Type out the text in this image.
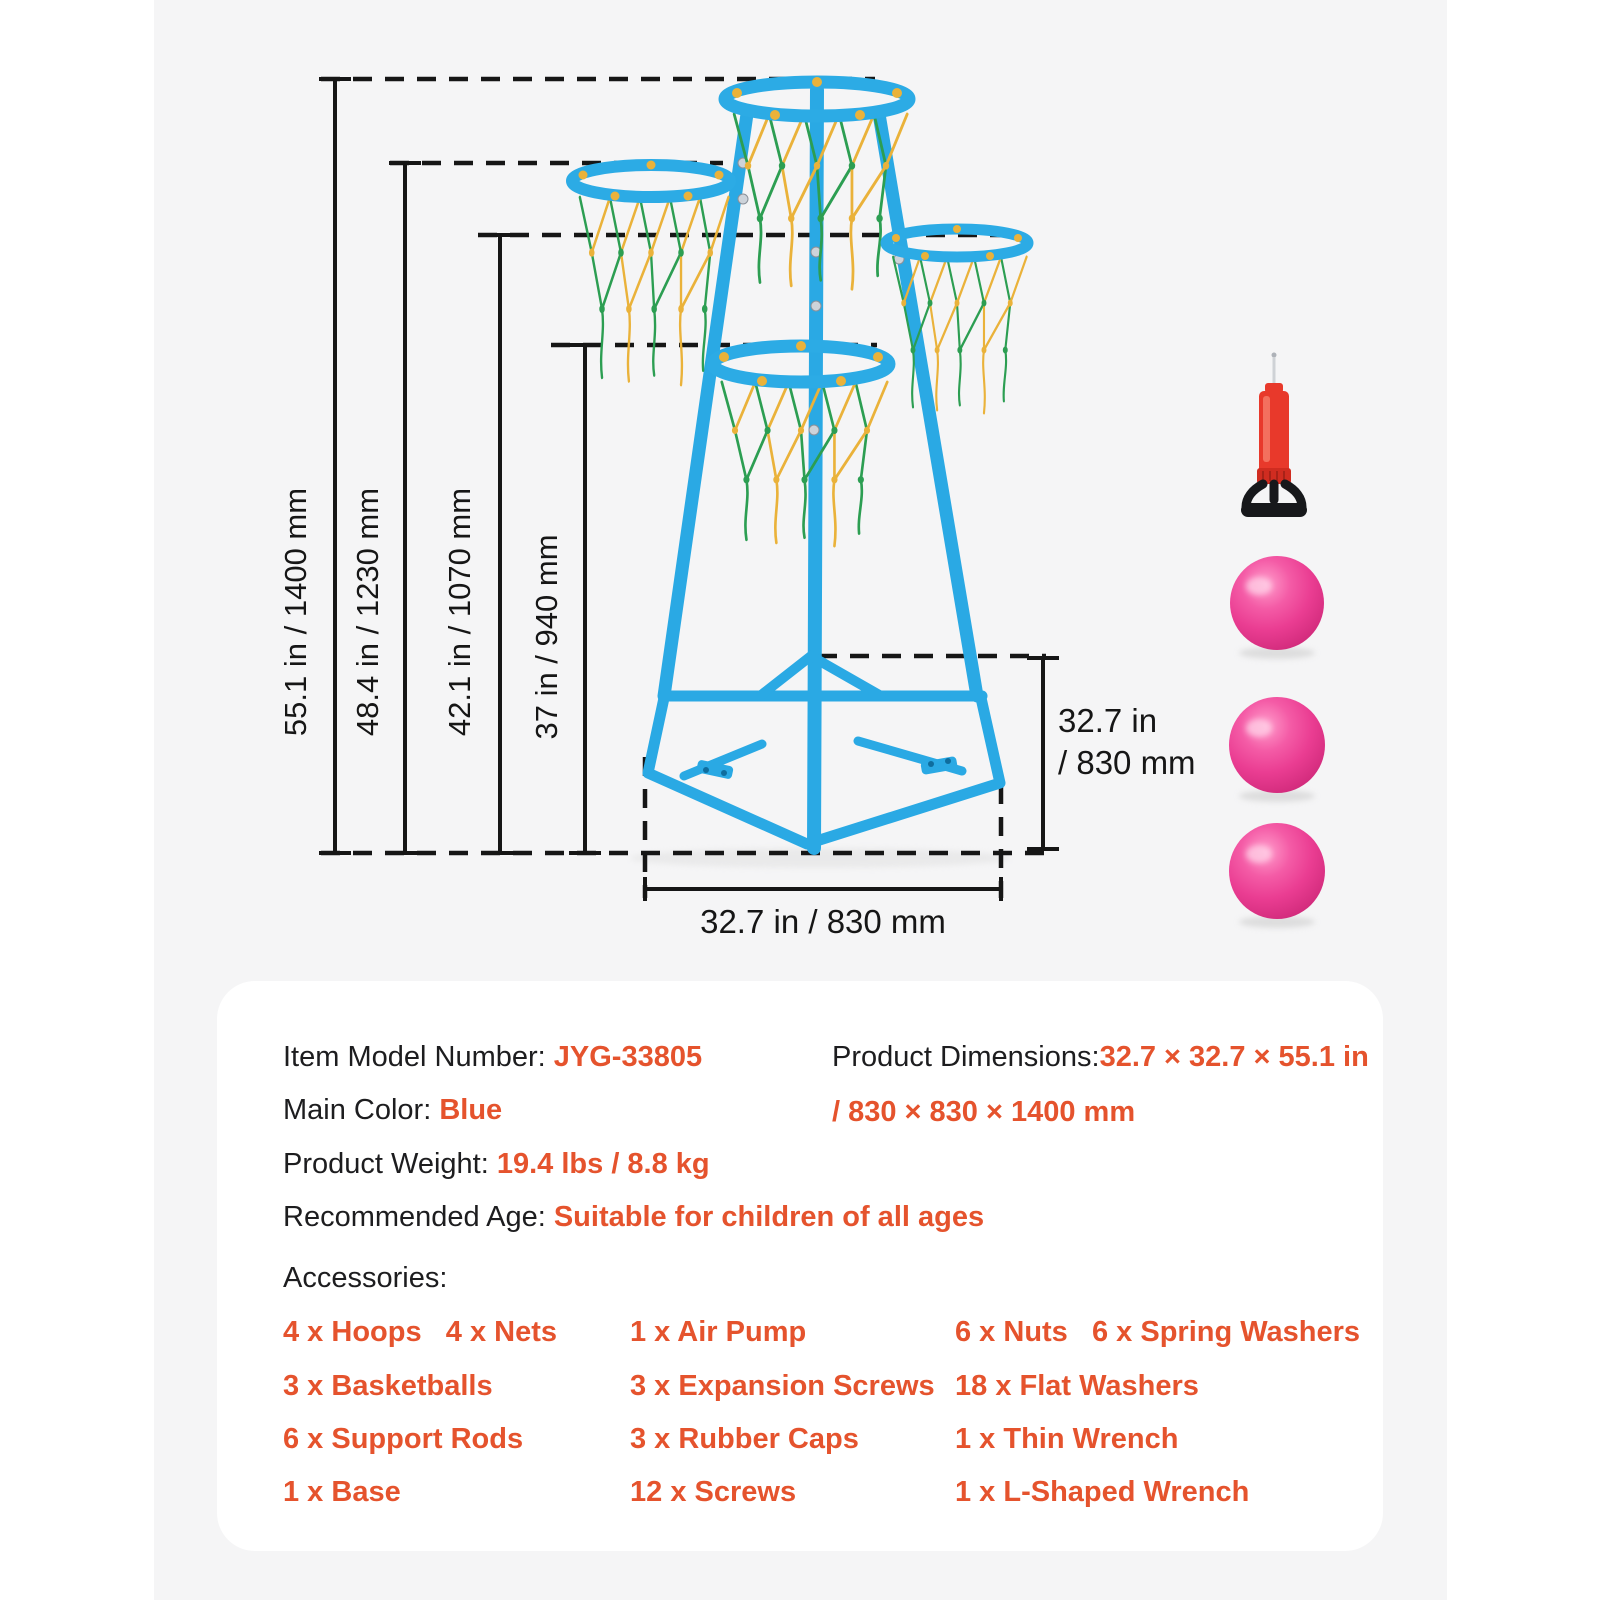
55.1 in / 1400 mm 48.4 in / 1230 mm 42.1 in / 1070 mm 37 in / 940 mm	32.7 in
/ 830 mm
32.7 in / 830 mm
Item Model Number: JYG-33805
Main Color: Blue
Product Weight: 19.4 lbs / 8.8 kg
Recommended Age: Suitable for children of all ages
Product Dimensions:32.7 × 32.7 × 55.1 in
/ 830 × 830 × 1400 mm
Accessories:
4 x Hoops   4 x Nets
3 x Basketballs
6 x Support Rods
1 x Base
1 x Air Pump
3 x Expansion Screws
3 x Rubber Caps
12 x Screws
6 x Nuts   6 x Spring Washers
18 x Flat Washers
1 x Thin Wrench
1 x L-Shaped Wrench
